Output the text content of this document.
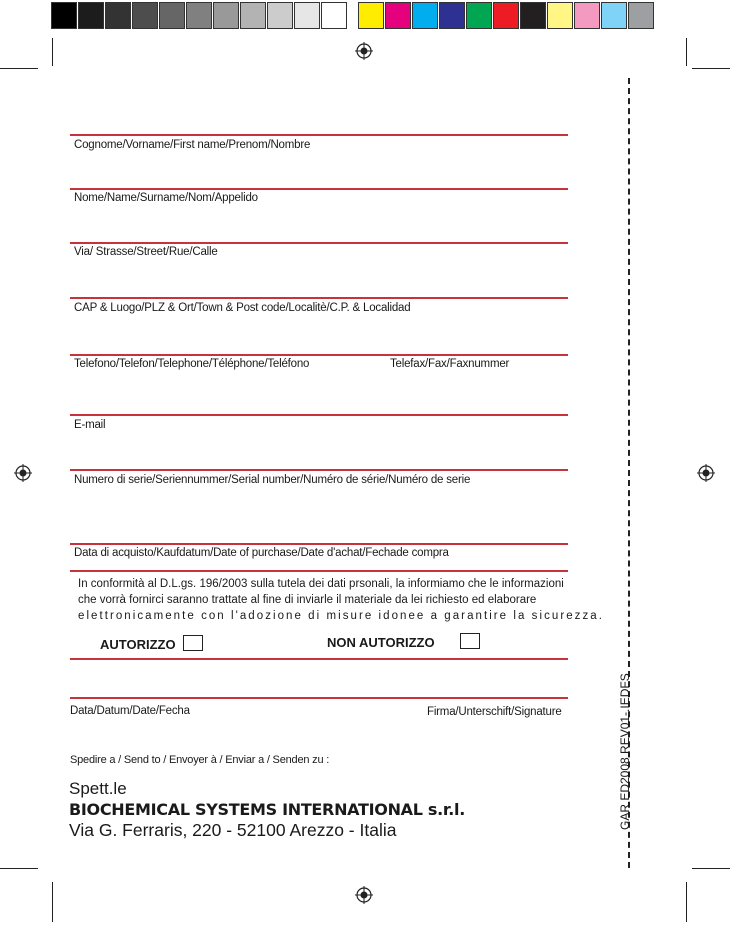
Cognome/Vorname/First name/Prenom/Nombre
Nome/Name/Surname/Nom/Appelido
Via/ Strasse/Street/Rue/Calle
CAP & Luogo/PLZ & Ort/Town & Post code/Localitè/C.P. & Localidad
Telefono/Telefon/Telephone/Téléphone/Teléfono	Telefax/Fax/Faxnummer
E-mail
Numero di serie/Seriennummer/Serial number/Numéro de série/Numéro de serie
Data di acquisto/Kaufdatum/Date of purchase/Date d'achat/Fechade compra
In conformità al D.L.gs. 196/2003 sulla tutela dei dati prsonali, la informiamo che le informazioni
che vorrà fornirci saranno trattate al fine di inviarle il materiale da lei richiesto ed elaborare
elettronicamente con l'adozione di misure idonee a garantire la sicurezza.
AUTORIZZO	NON AUTORIZZO
Data/Datum/Date/Fecha	Firma/Unterschift/Signature
Spedire a / Send to / Envoyer à / Enviar a / Senden zu :
Spett.le
BIOCHEMICAL SYSTEMS INTERNATIONAL s.r.l.
Via G. Ferraris, 220 - 52100 Arezzo - Italia	GAR ED2008 REV01-.IEDFS
